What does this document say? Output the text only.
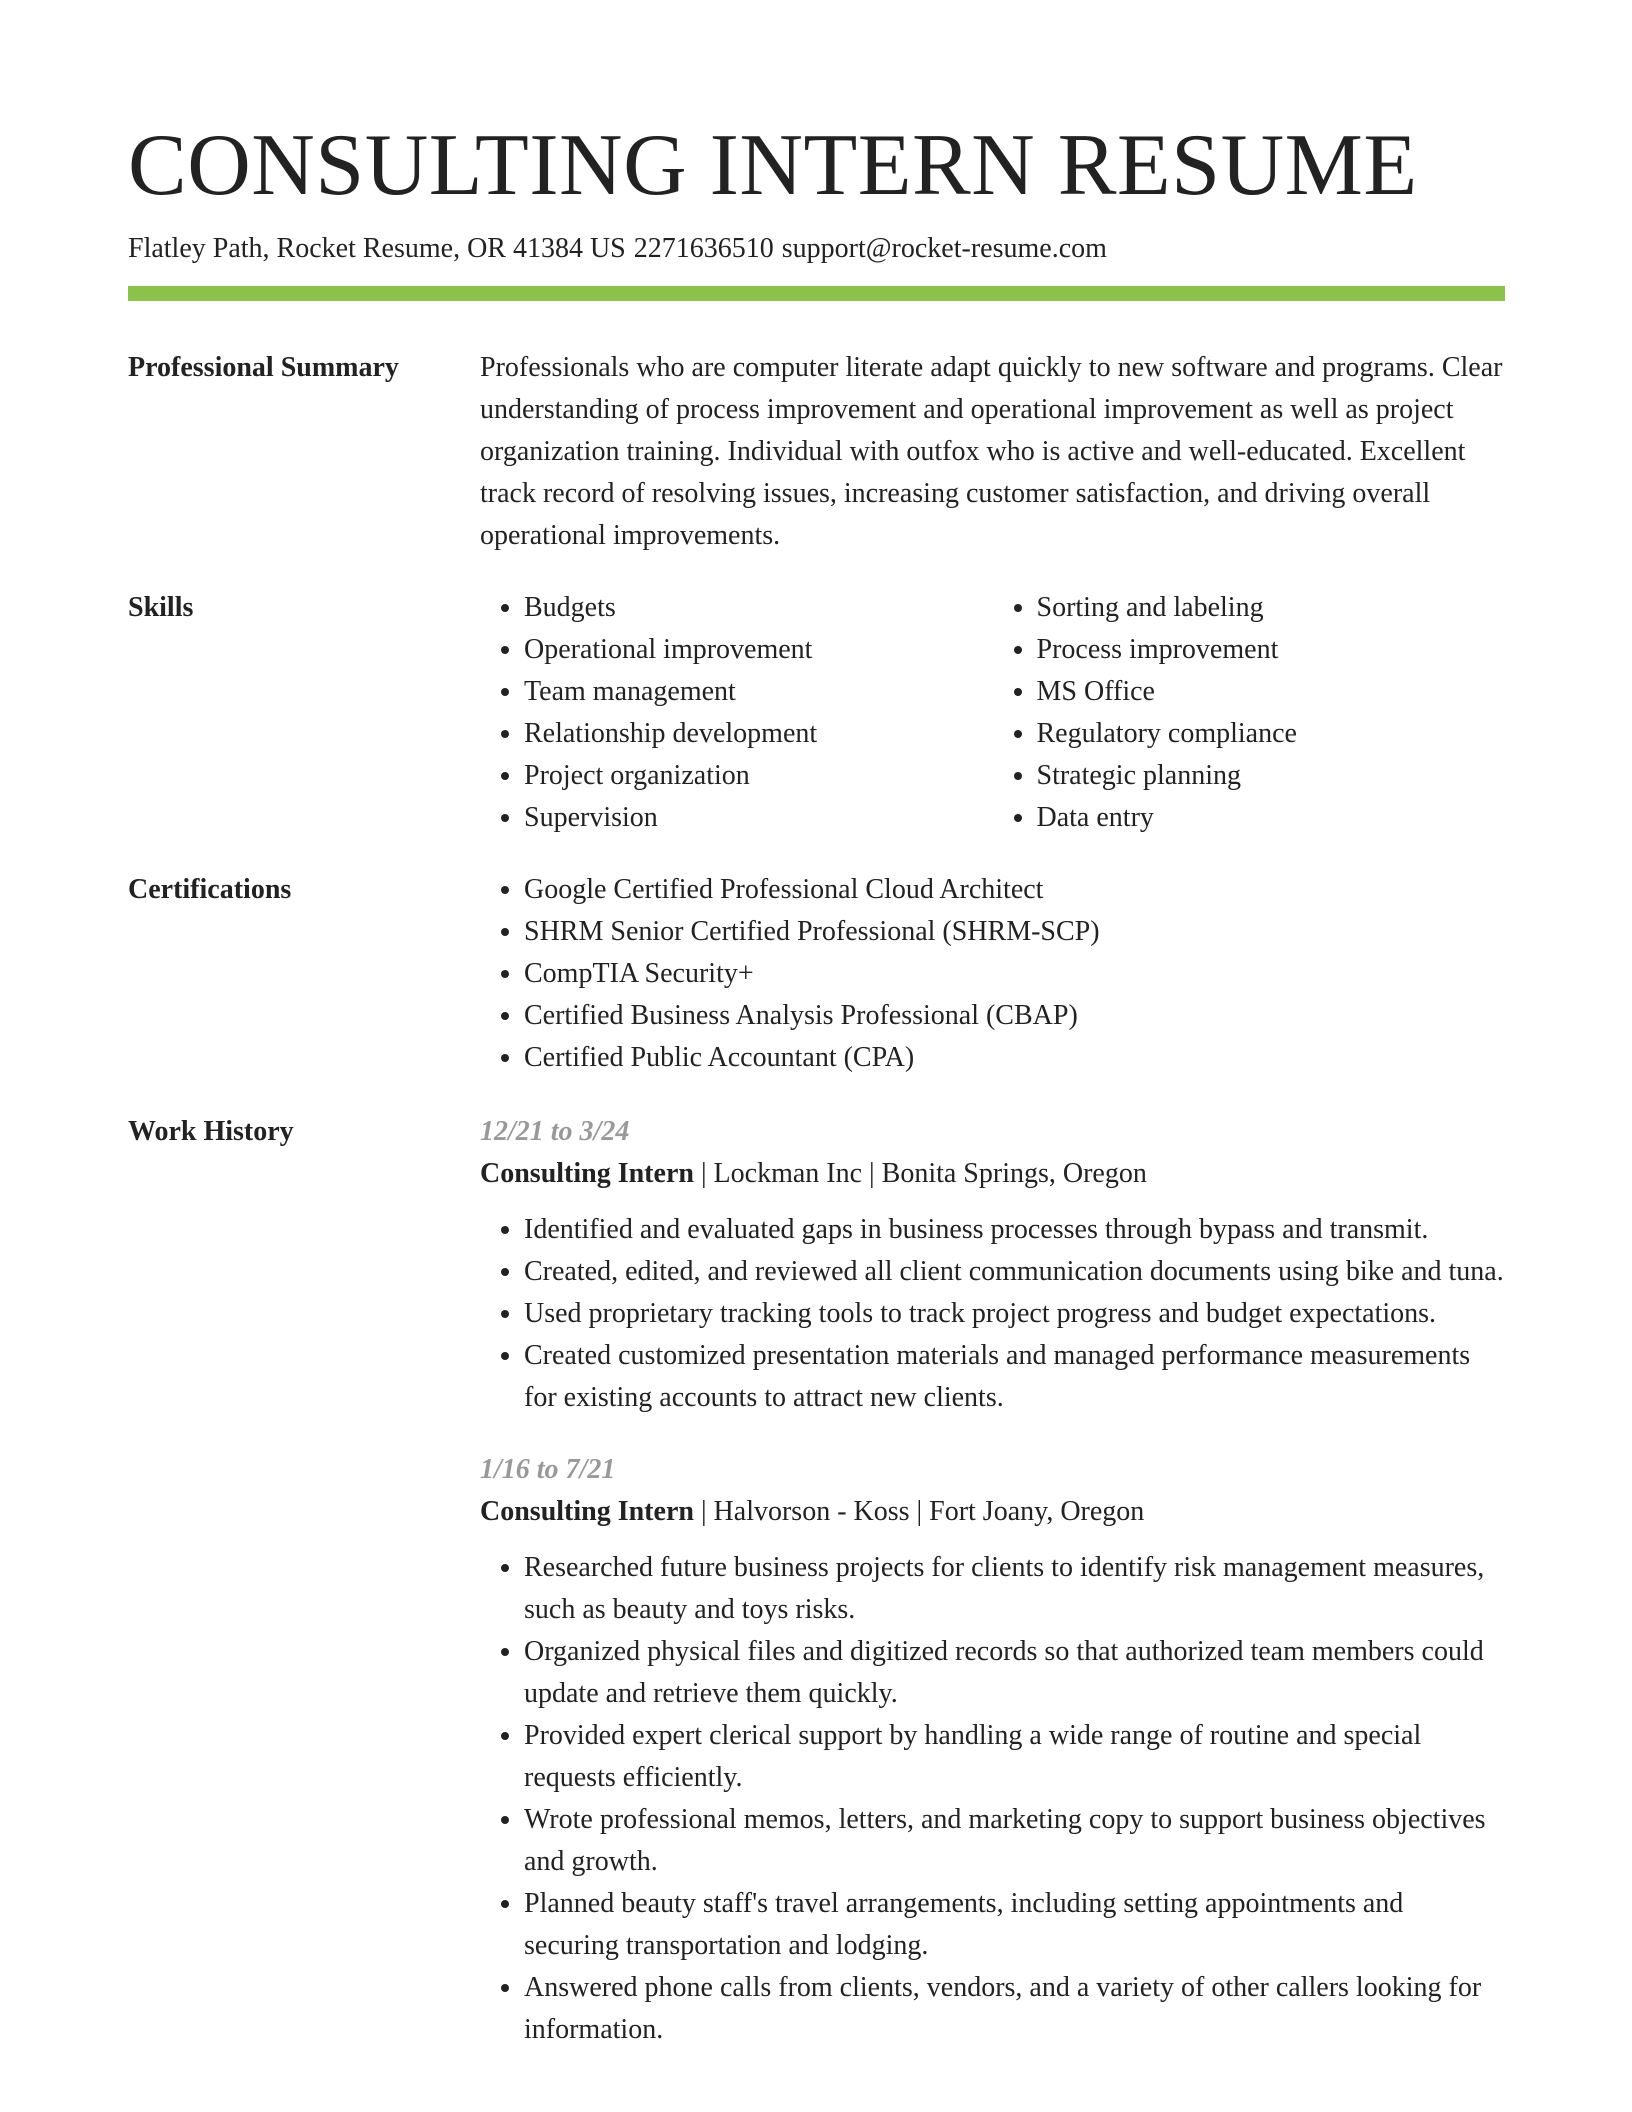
CONSULTING INTERN RESUME
Flatley Path, Rocket Resume, OR 41384 US 2271636510 support@rocket-resume.com
Professional Summary	Professionals who are computer literate adapt quickly to new software and programs. Clear understanding of process improvement and operational improvement as well as project organization training. Individual with outfox who is active and well-educated. Excellent track record of resolving issues, increasing customer satisfaction, and driving overall operational improvements.

Skills	• Budgets
• Operational improvement
• Team management
• Relationship development
• Project organization
• Supervision
• Sorting and labeling
• Process improvement
• MS Office
• Regulatory compliance
• Strategic planning
• Data entry
Certifications	• Google Certified Professional Cloud Architect
• SHRM Senior Certified Professional (SHRM-SCP)
• CompTIA Security+
• Certified Business Analysis Professional (CBAP)
• Certified Public Accountant (CPA)
Work History	12/21 to 3/24
Consulting Intern | Lockman Inc | Bonita Springs, Oregon
• Identified and evaluated gaps in business processes through bypass and transmit.
• Created, edited, and reviewed all client communication documents using bike and tuna.
• Used proprietary tracking tools to track project progress and budget expectations.
• Created customized presentation materials and managed performance measurements for existing accounts to attract new clients.
1/16 to 7/21
Consulting Intern | Halvorson - Koss | Fort Joany, Oregon
• Researched future business projects for clients to identify risk management measures, such as beauty and toys risks.
• Organized physical files and digitized records so that authorized team members could update and retrieve them quickly.
• Provided expert clerical support by handling a wide range of routine and special requests efficiently.
• Wrote professional memos, letters, and marketing copy to support business objectives and growth.
• Planned beauty staff's travel arrangements, including setting appointments and securing transportation and lodging.
• Answered phone calls from clients, vendors, and a variety of other callers looking for information.
